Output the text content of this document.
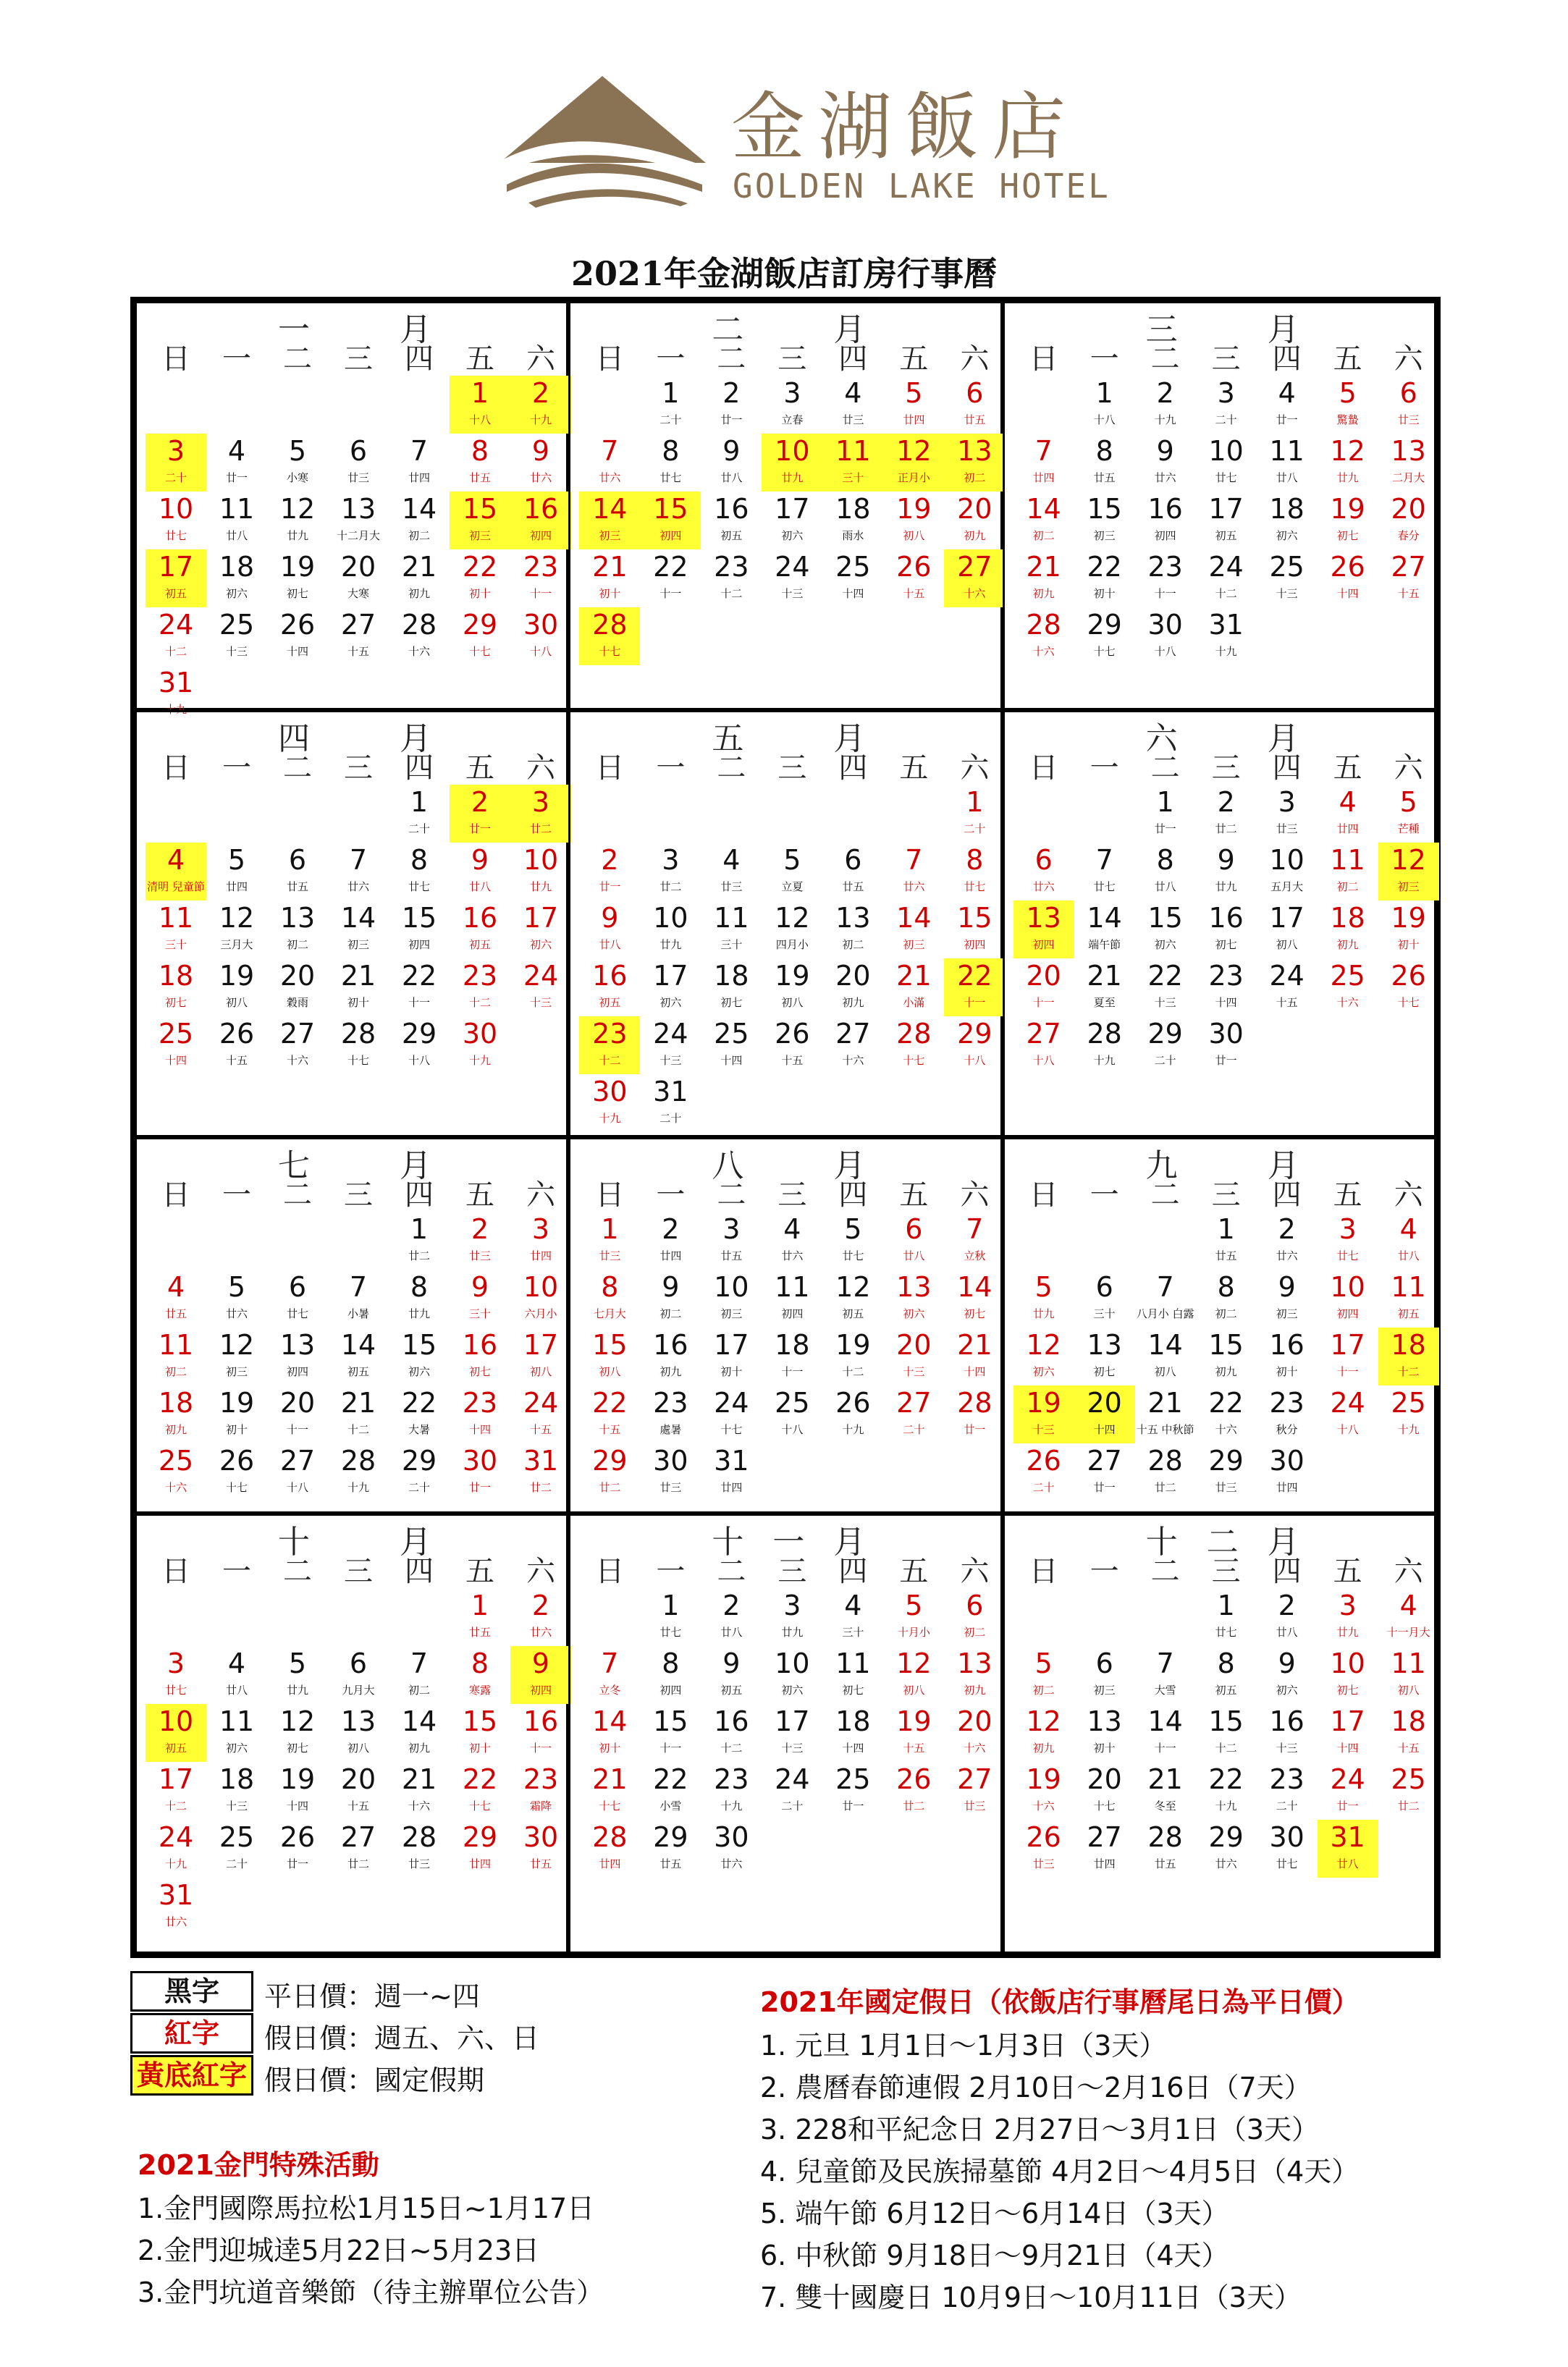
金湖飯店
GOLDEN LAKE HOTEL
2021年金湖飯店訂房行事曆
一　月
日 一 二 三 四 五 六
1
十八
2
十九
3
二十
4
廿一
5
小寒
6
廿三
7
廿四
8
廿五
9
廿六
10
廿七
11
廿八
12
廿九
13
十二月大
14
初二
15
初三
16
初四
17
初五
18
初六
19
初七
20
大寒
21
初九
22
初十
23
十一
24
十二
25
十三
26
十四
27
十五
28
十六
29
十七
30
十八
31
十九
二　月
日 一 二 三 四 五 六
1
二十
2
廿一
3
立春
4
廿三
5
廿四
6
廿五
7
廿六
8
廿七
9
廿八
10
廿九
11
三十
12
正月小
13
初二
14
初三
15
初四
16
初五
17
初六
18
雨水
19
初八
20
初九
21
初十
22
十一
23
十二
24
十三
25
十四
26
十五
27
十六
28
十七
三　月
日 一 二 三 四 五 六
1
十八
2
十九
3
二十
4
廿一
5
驚蟄
6
廿三
7
廿四
8
廿五
9
廿六
10
廿七
11
廿八
12
廿九
13
二月大
14
初二
15
初三
16
初四
17
初五
18
初六
19
初七
20
春分
21
初九
22
初十
23
十一
24
十二
25
十三
26
十四
27
十五
28
十六
29
十七
30
十八
31
十九
四　月
日 一 二 三 四 五 六
1
二十
2
廿一
3
廿二
4
清明 兒童節
5
廿四
6
廿五
7
廿六
8
廿七
9
廿八
10
廿九
11
三十
12
三月大
13
初二
14
初三
15
初四
16
初五
17
初六
18
初七
19
初八
20
穀雨
21
初十
22
十一
23
十二
24
十三
25
十四
26
十五
27
十六
28
十七
29
十八
30
十九
五　月
日 一 二 三 四 五 六
1
二十
2
廿一
3
廿二
4
廿三
5
立夏
6
廿五
7
廿六
8
廿七
9
廿八
10
廿九
11
三十
12
四月小
13
初二
14
初三
15
初四
16
初五
17
初六
18
初七
19
初八
20
初九
21
小滿
22
十一
23
十二
24
十三
25
十四
26
十五
27
十六
28
十七
29
十八
30
十九
31
二十
六　月
日 一 二 三 四 五 六
1
廿一
2
廿二
3
廿三
4
廿四
5
芒種
6
廿六
7
廿七
8
廿八
9
廿九
10
五月大
11
初二
12
初三
13
初四
14
端午節
15
初六
16
初七
17
初八
18
初九
19
初十
20
十一
21
夏至
22
十三
23
十四
24
十五
25
十六
26
十七
27
十八
28
十九
29
二十
30
廿一
七　月
日 一 二 三 四 五 六
1
廿二
2
廿三
3
廿四
4
廿五
5
廿六
6
廿七
7
小暑
8
廿九
9
三十
10
六月小
11
初二
12
初三
13
初四
14
初五
15
初六
16
初七
17
初八
18
初九
19
初十
20
十一
21
十二
22
大暑
23
十四
24
十五
25
十六
26
十七
27
十八
28
十九
29
二十
30
廿一
31
廿二
八　月
日 一 二 三 四 五 六
1
廿三
2
廿四
3
廿五
4
廿六
5
廿七
6
廿八
7
立秋
8
七月大
9
初二
10
初三
11
初四
12
初五
13
初六
14
初七
15
初八
16
初九
17
初十
18
十一
19
十二
20
十三
21
十四
22
十五
23
處暑
24
十七
25
十八
26
十九
27
二十
28
廿一
29
廿二
30
廿三
31
廿四
九　月
日 一 二 三 四 五 六
1
廿五
2
廿六
3
廿七
4
廿八
5
廿九
6
三十
7
八月小 白露
8
初二
9
初三
10
初四
11
初五
12
初六
13
初七
14
初八
15
初九
16
初十
17
十一
18
十二
19
十三
20
十四
21
十五 中秋節
22
十六
23
秋分
24
十八
25
十九
26
二十
27
廿一
28
廿二
29
廿三
30
廿四
十　月
日 一 二 三 四 五 六
1
廿五
2
廿六
3
廿七
4
廿八
5
廿九
6
九月大
7
初二
8
寒露
9
初四
10
初五
11
初六
12
初七
13
初八
14
初九
15
初十
16
十一
17
十二
18
十三
19
十四
20
十五
21
十六
22
十七
23
霜降
24
十九
25
二十
26
廿一
27
廿二
28
廿三
29
廿四
30
廿五
31
廿六
十一月
日 一 二 三 四 五 六
1
廿七
2
廿八
3
廿九
4
三十
5
十月小
6
初二
7
立冬
8
初四
9
初五
10
初六
11
初七
12
初八
13
初九
14
初十
15
十一
16
十二
17
十三
18
十四
19
十五
20
十六
21
十七
22
小雪
23
十九
24
二十
25
廿一
26
廿二
27
廿三
28
廿四
29
廿五
30
廿六
十二月
日 一 二 三 四 五 六
1
廿七
2
廿八
3
廿九
4
十一月大
5
初二
6
初三
7
大雪
8
初五
9
初六
10
初七
11
初八
12
初九
13
初十
14
十一
15
十二
16
十三
17
十四
18
十五
19
十六
20
十七
21
冬至
22
十九
23
二十
24
廿一
25
廿二
26
廿三
27
廿四
28
廿五
29
廿六
30
廿七
31
廿八
黑字	平日價：週一~四
紅字	假日價：週五、六、日
黃底紅字 假日價：國定假期
2021金門特殊活動
1.金門國際馬拉松1月15日~1月17日
2.金門迎城逹5月22日~5月23日
3.金門坑道音樂節（待主辦單位公告）
2021年國定假日（依飯店行事曆尾日為平日價）
1. 元旦 1月1日～1月3日（3天）
2. 農曆春節連假 2月10日～2月16日（7天）
3. 228和平紀念日 2月27日～3月1日（3天）
4. 兒童節及民族掃墓節 4月2日～4月5日（4天）
5. 端午節 6月12日～6月14日（3天）
6. 中秋節 9月18日～9月21日（4天）
7. 雙十國慶日 10月9日～10月11日（3天）
